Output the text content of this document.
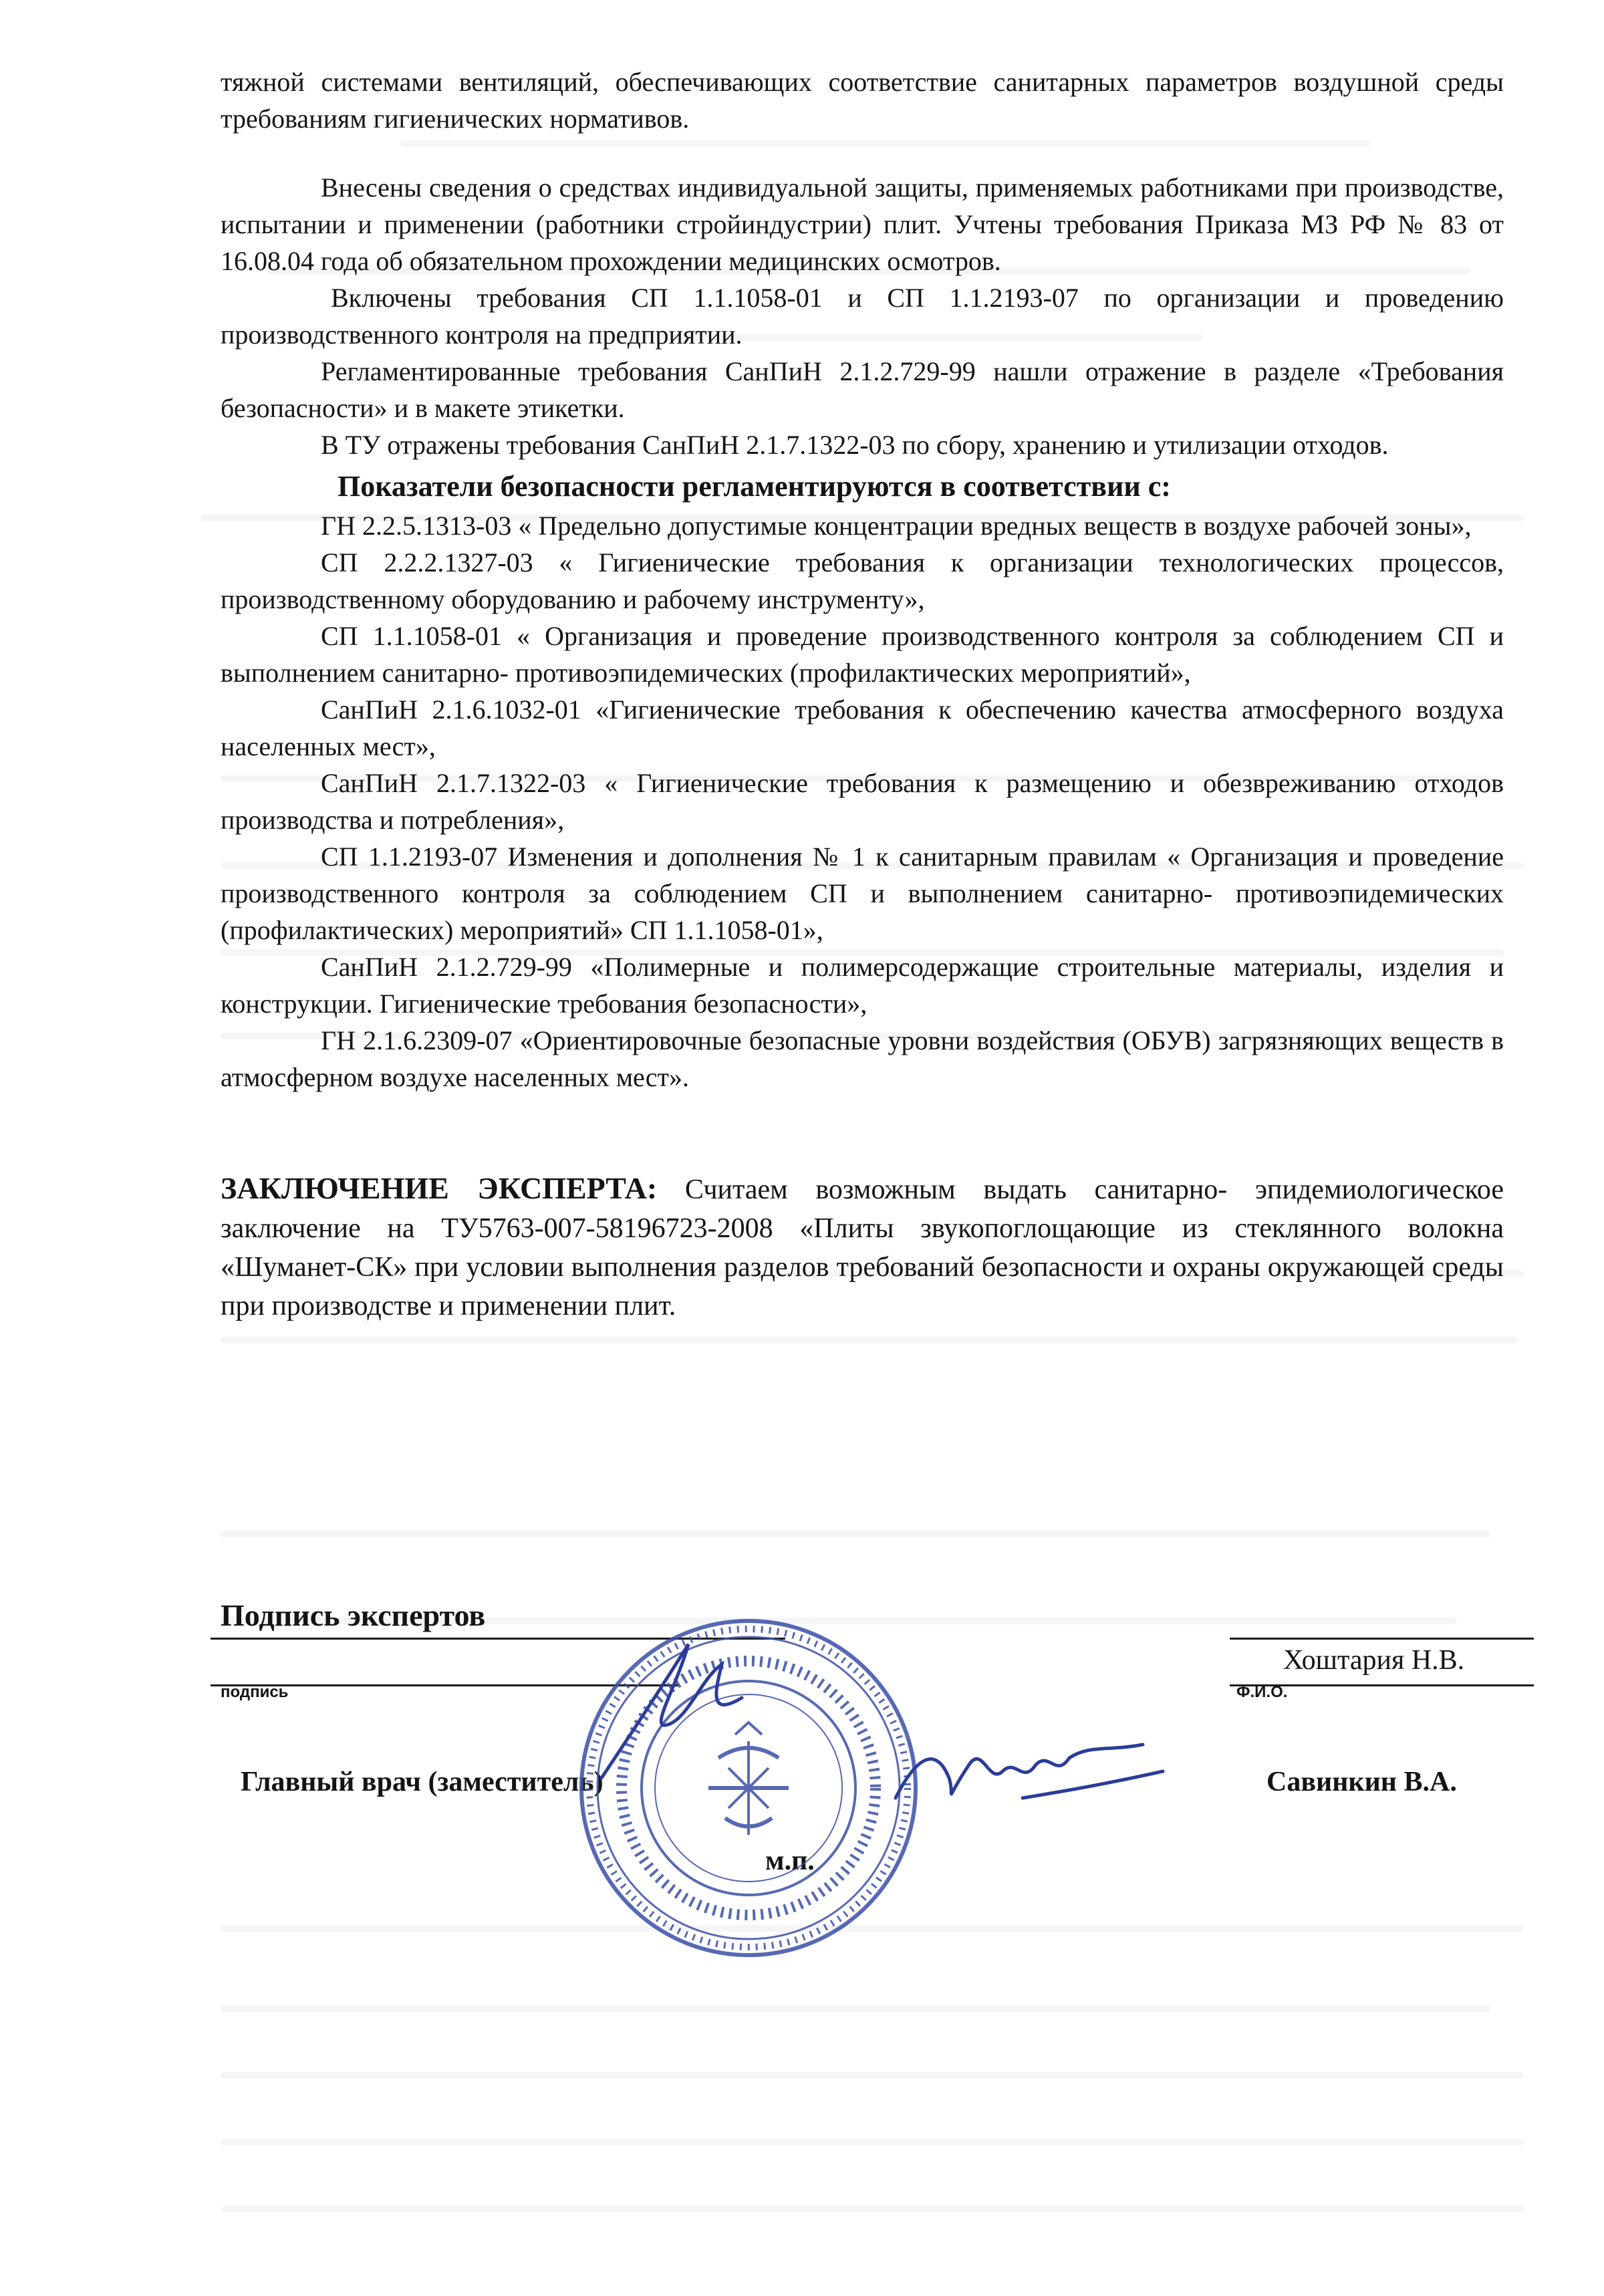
тяжной системами вентиляций, обеспечивающих соответствие санитарных параметров воздушной среды требованиям гигиенических нормативов.

Внесены сведения о средствах индивидуальной защиты, применяемых работниками при производстве, испытании и применении (работники стройиндустрии) плит. Учтены требования Приказа МЗ РФ № 83 от 16.08.04 года об обязательном прохождении медицинских осмотров.

Включены требования СП 1.1.1058-01 и СП 1.1.2193-07 по организации и проведению производственного контроля на предприятии.

Регламентированные требования СанПиН 2.1.2.729-99 нашли отражение в разделе «Требования безопасности» и в макете этикетки.

В ТУ отражены требования СанПиН 2.1.7.1322-03 по сбору, хранению и утилизации отходов.

Показатели безопасности регламентируются в соответствии с:

ГН 2.2.5.1313-03 « Предельно допустимые концентрации вредных веществ в воздухе рабочей зоны»,

СП 2.2.2.1327-03 « Гигиенические требования к организации технологических процессов, производственному оборудованию и рабочему инструменту»,

СП 1.1.1058-01 « Организация и проведение производственного контроля за соблюдением СП и выполнением санитарно- противоэпидемических (профилактических мероприятий»,

СанПиН 2.1.6.1032-01 «Гигиенические требования к обеспечению качества атмосферного воздуха населенных мест»,

СанПиН 2.1.7.1322-03 « Гигиенические требования к размещению и обезвреживанию отходов производства и потребления»,

СП 1.1.2193-07 Изменения и дополнения № 1 к санитарным правилам « Организация и проведение производственного контроля за соблюдением СП и выполнением санитарно- противоэпидемических (профилактических) мероприятий» СП 1.1.1058-01»,

СанПиН 2.1.2.729-99 «Полимерные и полимерсодержащие строительные материалы, изделия и конструкции. Гигиенические требования безопасности»,

ГН 2.1.6.2309-07 «Ориентировочные безопасные уровни воздействия (ОБУВ) загрязняющих веществ в атмосферном воздухе населенных мест».

ЗАКЛЮЧЕНИЕ ЭКСПЕРТА: Считаем возможным выдать санитарно- эпидемиологическое заключение на ТУ5763-007-58196723-2008 «Плиты звукопоглощающие из стеклянного волокна «Шуманет-СК» при условии выполнения разделов требований безопасности и охраны окружающей среды при производстве и применении плит.

Подпись экспертов
Хоштария Н.В.
подпись	Ф.И.О.
Главный врач (заместитель)	Савинкин В.А.
м.п.
